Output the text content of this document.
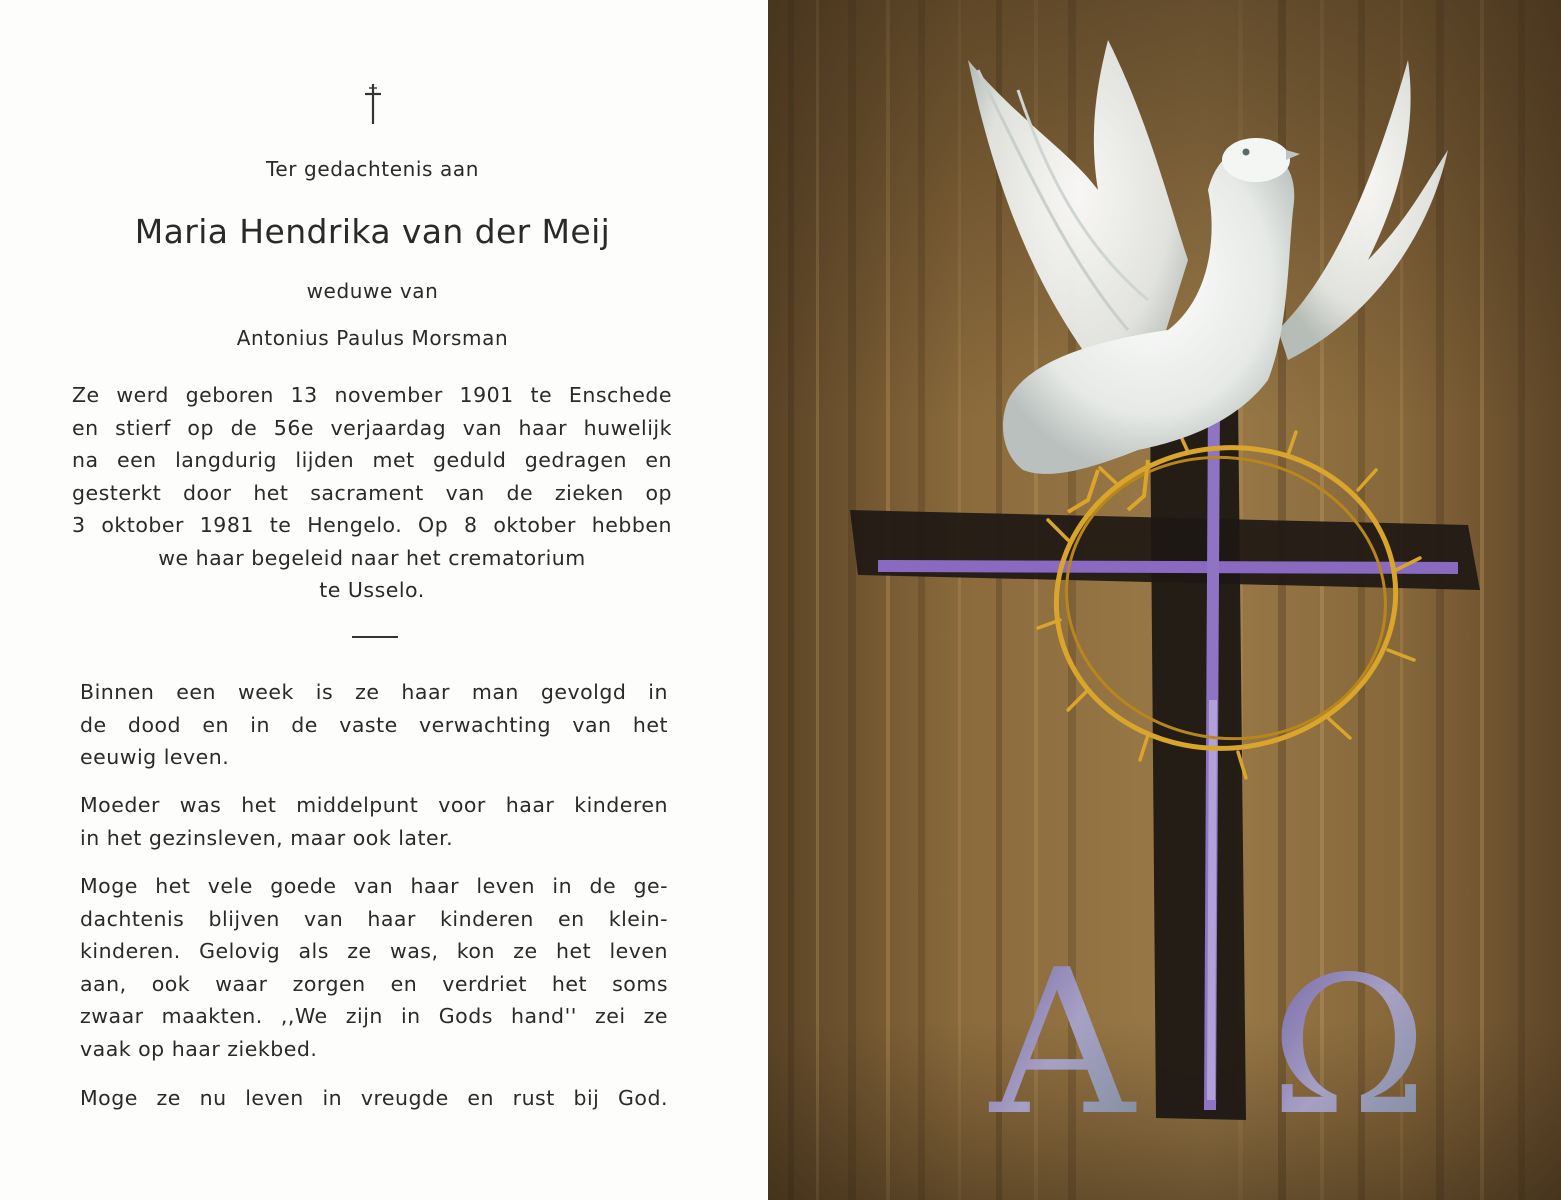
Ter gedachtenis aan
Maria Hendrika van der Meij
weduwe van
Antonius Paulus Morsman
Ze werd geboren 13 november 1901 te Enschede
en stierf op de 56e verjaardag van haar huwelijk
na een langdurig lijden met geduld gedragen en
gesterkt door het sacrament van de zieken op
3 oktober 1981 te Hengelo. Op 8 oktober hebben
we haar begeleid naar het crematorium
te Usselo.
Binnen een week is ze haar man gevolgd in
de dood en in de vaste verwachting van het
eeuwig leven.
Moeder was het middelpunt voor haar kinderen
in het gezinsleven, maar ook later.
Moge het vele goede van haar leven in de ge-
dachtenis blijven van haar kinderen en klein-
kinderen. Gelovig als ze was, kon ze het leven
aan, ook waar zorgen en verdriet het soms
zwaar maakten. ,,We zijn in Gods hand'' zei ze
vaak op haar ziekbed.
Moge ze nu leven in vreugde en rust bij God. A Ω
